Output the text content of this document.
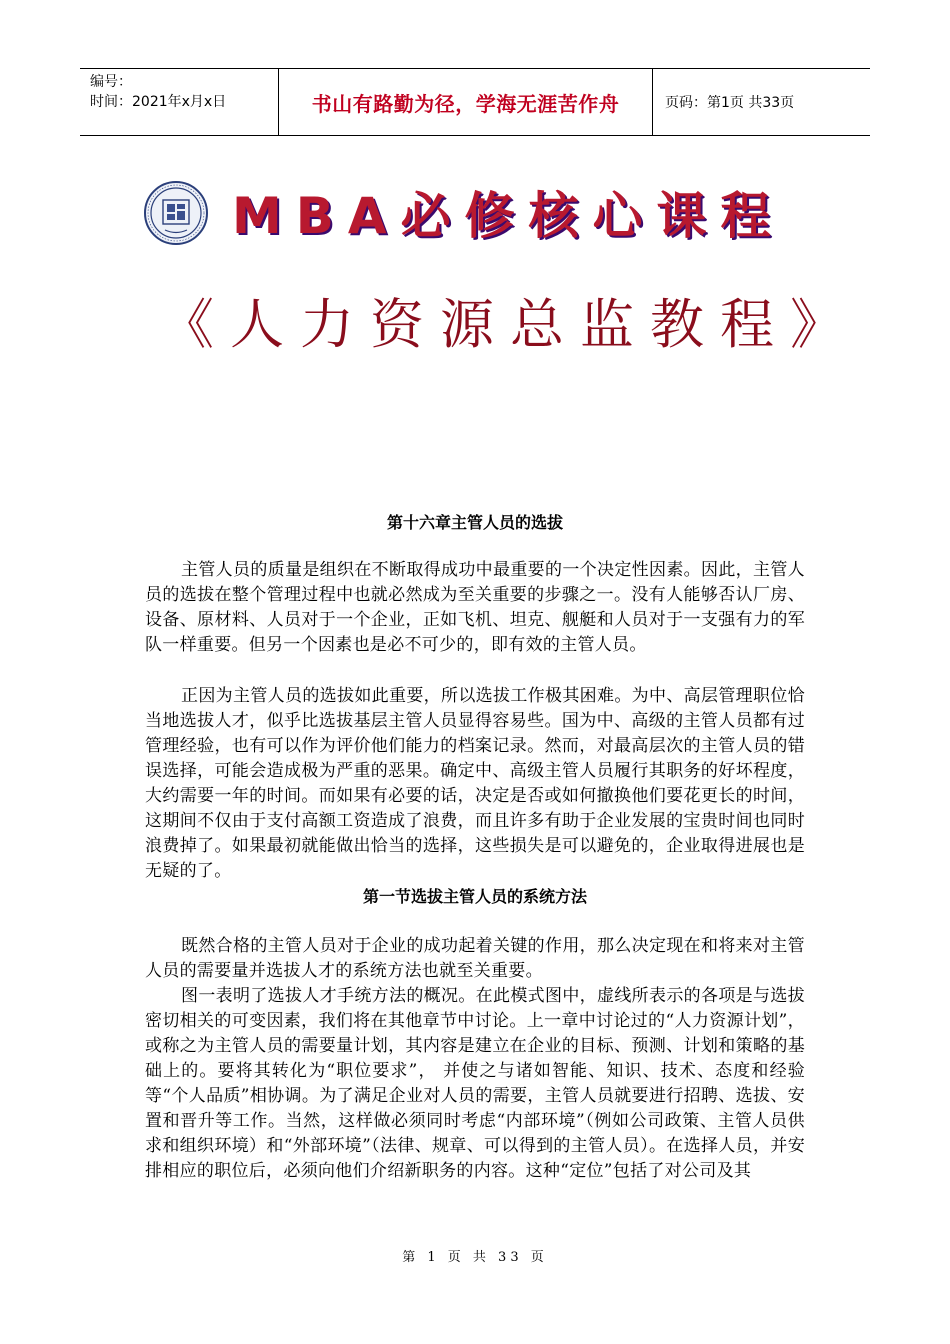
编号：
时间：2021年x月x日	书山有路勤为径，学海无涯苦作舟	页码：第1页 共33页
MBA必修核心课程
《人力资源总监教程》
第十六章主管人员的选拔
主管人员的质量是组织在不断取得成功中最重要的一个决定性因素。因此，主管人员的选拔在整个管理过程中也就必然成为至关重要的步骤之一。没有人能够否认厂房、设备、原材料、人员对于一个企业，正如飞机、坦克、舰艇和人员对于一支强有力的军队一样重要。但另一个因素也是必不可少的，即有效的主管人员。
正因为主管人员的选拔如此重要，所以选拔工作极其困难。为中、高层管理职位恰当地选拔人才，似乎比选拔基层主管人员显得容易些。国为中、高级的主管人员都有过管理经验，也有可以作为评价他们能力的档案记录。然而，对最高层次的主管人员的错误选择，可能会造成极为严重的恶果。确定中、高级主管人员履行其职务的好坏程度，大约需要一年的时间。而如果有必要的话，决定是否或如何撤换他们要花更长的时间，这期间不仅由于支付高额工资造成了浪费，而且许多有助于企业发展的宝贵时间也同时浪费掉了。如果最初就能做出恰当的选择，这些损失是可以避免的，企业取得进展也是无疑的了。
第一节选拔主管人员的系统方法
既然合格的主管人员对于企业的成功起着关键的作用，那么决定现在和将来对主管人员的需要量并选拔人才的系统方法也就至关重要。
图一表明了选拔人才手统方法的概况。在此模式图中，虚线所表示的各项是与选拔密切相关的可变因素，我们将在其他章节中讨论。上一章中讨论过的“人力资源计划”，或称之为主管人员的需要量计划，其内容是建立在企业的目标、预测、计划和策略的基础上的。要将其转化为“职位要求”， 并使之与诸如智能、知识、技术、态度和经验等“个人品质”相协调。为了满足企业对人员的需要，主管人员就要进行招聘、选拔、安置和晋升等工作。当然，这样做必须同时考虑“内部环境”（例如公司政策、主管人员供求和组织环境）和“外部环境”（法律、规章、可以得到的主管人员）。在选择人员，并安排相应的职位后，必须向他们介绍新职务的内容。这种“定位”包括了对公司及其
第 1 页 共 33 页
